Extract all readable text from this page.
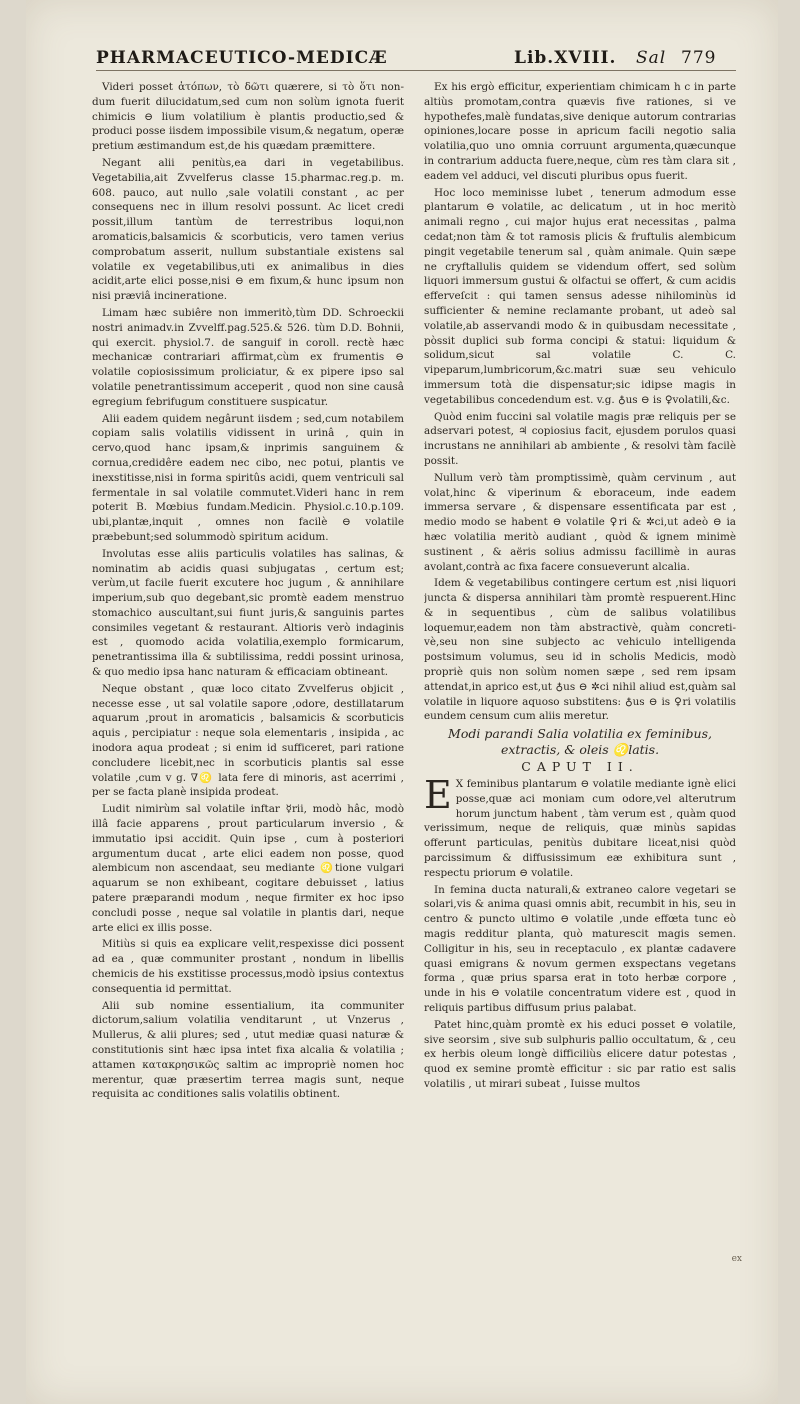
PHARMACEUTICO-MEDICÆ	Lib.XVIII. Sal 779

Videri posset ἀτόπων, τὸ δῶτι quærere, si τὸ ὅτι non-dum fuerit dilucidatum,sed cum non solùm ignota fuerit chimicis ⊖ lium volatilium è plantis productio,sed & produci posse iisdem impossibile visum,& negatum, operæ pretium æstimandum est,de his quædam præmittere.

Negant alii penitùs,ea dari in vegetabilibus. Vegetabilia,ait Zvvelferus classe 15.pharmac.reg.p. m. 608. pauco, aut nullo ,sale volatili constant , ac per consequens nec in illum resolvi possunt. Ac licet credi possit,illum tantùm de terrestribus loqui,non aromaticis,balsamicis & scorbuticis, vero tamen verius comprobatum asserit, nullum substantiale existens sal volatile ex vegetabilibus,uti ex animalibus in dies acidit,arte elici posse,nisi ⊖ em fixum,& hunc ipsum non nisi præviâ incineratione.

Limam hæc subiêre non immeritò,tùm DD. Schroeckii nostri animadv.in Zvvelff.pag.525.& 526. tùm D.D. Bohnii, qui exercit. physiol.7. de sanguif in coroll. rectè hæc mechanicæ contrariari affirmat,cùm ex frumentis ⊖ volatile copiosissimum proliciatur, & ex pipere ipso sal volatile penetrantissimum acceperit , quod non sine causâ egregium febrifugum constituere suspicatur.

Alii eadem quidem negârunt iisdem ; sed,cum notabilem copiam salis volatilis vidissent in urinâ , quin in cervo,quod hanc ipsam,& inprimis sanguinem & cornua,credidêre eadem nec cibo, nec potui, plantis ve inexstitisse,nisi in forma spiritûs acidi, quem ventriculi sal fermentale in sal volatile commutet.Videri hanc in rem poterit B. Mœbius fundam.Medicin. Physiol.c.10.p.109. ubi,plantæ,inquit , omnes non facilè ⊖ volatile præbebunt;sed solummodò spiritum acidum.

Involutas esse aliis particulis volatiles has salinas, & nominatim ab acidis quasi subjugatas , certum est; verùm,ut facile fuerit excutere hoc jugum , & annihilare imperium,sub quo degebant,sic promtè eadem menstruo stomachico auscultant,sui fiunt juris,& sanguinis partes consimiles vegetant & restaurant. Altioris verò indaginis est , quomodo acida volatilia,exemplo formicarum, penetrantissima illa & subtilissima, reddi possint urinosa, & quo medio ipsa hanc naturam & efficaciam obtineant.

Neque obstant , quæ loco citato Zvvelferus objicit , necesse esse , ut sal volatile sapore ,odore, destillatarum aquarum ,prout in aromaticis , balsamicis & scorbuticis aquis , percipiatur : neque sola elementaris , insipida , ac inodora aqua prodeat ; si enim id sufficeret, pari ratione concludere licebit,nec in scorbuticis plantis sal esse volatile ,cum v g. ∇♌ lata fere di minoris, ast acerrimi , per se facta planè insipida prodeat.

Ludit nimirùm sal volatile inftar ☿rii, modò hâc, modò illâ facie apparens , prout particularum inversio , & immutatio ipsi accidit. Quin ipse , cum à posteriori argumentum ducat , arte elici eadem non posse, quod alembicum non ascendaat, seu mediante ♌tione vulgari aquarum se non exhibeant, cogitare debuisset , latius patere præparandi modum , neque firmiter ex hoc ipso concludi posse , neque sal volatile in plantis dari, neque arte elici ex illis posse.

Mitiùs si quis ea explicare velit,respexisse dici possent ad ea , quæ communiter prostant , nondum in libellis chemicis de his exstitisse processus,modò ipsius contextus consequentia id permittat.

Alii sub nomine essentialium, ita communiter dictorum,salium volatilia venditarunt , ut Vnzerus , Mullerus, & alii plures; sed , utut mediæ quasi naturæ & constitutionis sint hæc ipsa intet fixa alcalia & volatilia ; attamen κατακρησικῶς saltim ac impropriè nomen hoc merentur, quæ præsertim terrea magis sunt, neque requisita ac conditiones salis volatilis obtinent.

Ex his ergò efficitur, experientiam chimicam h c in parte altiùs promotam,contra quævis five rationes, si ve hypothefes,malè fundatas,sive denique autorum contrarias opiniones,locare posse in apricum facili negotio salia volatilia,quo uno omnia corruunt argumenta,quæcunque in contrarium adducta fuere,neque, cùm res tàm clara sit , eadem vel adduci, vel discuti pluribus opus fuerit.

Hoc loco meminisse lubet , tenerum admodum esse plantarum ⊖ volatile, ac delicatum , ut in hoc meritò animali regno , cui major hujus erat necessitas , palma cedat;non tàm & tot ramosis plicis & fruftulis alembicum pingit vegetabile tenerum sal , quàm animale. Quin sæpe ne cryftallulis quidem se videndum offert, sed solùm liquori immersum gustui & olfactui se offert, & cum acidis efferveſcit : qui tamen sensus adesse nihilominùs id sufficienter & nemine reclamante probant, ut adeò sal volatile,ab asservandi modo & in quibusdam necessitate , pòssit duplici sub forma concipi & statui: liquidum & solidum,sicut sal volatile C. C. vipeparum,lumbricorum,&c.matri suæ seu vehiculo immersum totà die dispensatur;sic idipse magis in vegetabilibus concedendum est. v.g. ♁us ⊖ is ♀volatili,&c.

Quòd enim fuccini sal volatile magis præ reliquis per se adservari potest, ♃ copiosius facit, ejusdem porulos quasi incrustans ne annihilari ab ambiente , & resolvi tàm facilè possit.

Nullum verò tàm promptissimè, quàm cervinum , aut volat,hinc & viperinum & eboraceum, inde eadem immersa servare , & dispensare essentificata par est , medio modo se habent ⊖ volatile ♀ri & ✲ci,ut adeò ⊖ ia hæc volatilia meritò audiant , quòd & ignem minimè sustinent , & aëris solius admissu facillimè in auras avolant,contrà ac fixa facere consueverunt alcalia.

Idem & vegetabilibus contingere certum est ,nisi liquori juncta & dispersa annihilari tàm promtè respuerent.Hinc & in sequentibus , cùm de salibus volatilibus loquemur,eadem non tàm abstractivè, quàm concreti-vè,seu non sine subjecto ac vehiculo intelligenda postsimum volumus, seu id in scholis Medicis, modò propriè quis non solùm nomen sæpe , sed rem ipsam attendat,in aprico est,ut ♁us ⊖ ✲ci nihil aliud est,quàm sal volatile in liquore aquoso substitens: ♁us ⊖ is ♀ri volatilis eundem censum cum aliis meretur.

Modi parandi Salia volatilia ex feminibus, extractis, & oleis ♌latis.

CAPUT II.

E X feminibus plantarum ⊖ volatile mediante ignè elici posse,quæ aci moniam cum odore,vel alterutrum horum junctum habent , tàm verum est , quàm quod verissimum, neque de reliquis, quæ minùs sapidas offerunt particulas, penitùs dubitare liceat,nisi quòd parcissimum & diffusissimum eæ exhibitura sunt , respectu priorum ⊖ volatile.

In femina ducta naturali,& extraneo calore vegetari se solari,vis & anima quasi omnis abit, recumbit in his, seu in centro & puncto ultimo ⊖ volatile ,unde effœta tunc eò magis redditur planta, quò maturescit magis semen. Colligitur in his, seu in receptaculo , ex plantæ cadavere quasi emigrans & novum germen exspectans vegetans forma , quæ prius sparsa erat in toto herbæ corpore , unde in his ⊖ volatile concentratum videre est , quod in reliquis partibus diffusum prius palabat.

Patet hinc,quàm promtè ex his educi posset ⊖ volatile, sive seorsim , sive sub sulphuris pallio occultatum, & , ceu ex herbis oleum longè difficiliùs elicere datur potestas , quod ex semine promtè efficitur : sic par ratio est salis volatilis , ut mirari subeat , Iuisse multos

ex
